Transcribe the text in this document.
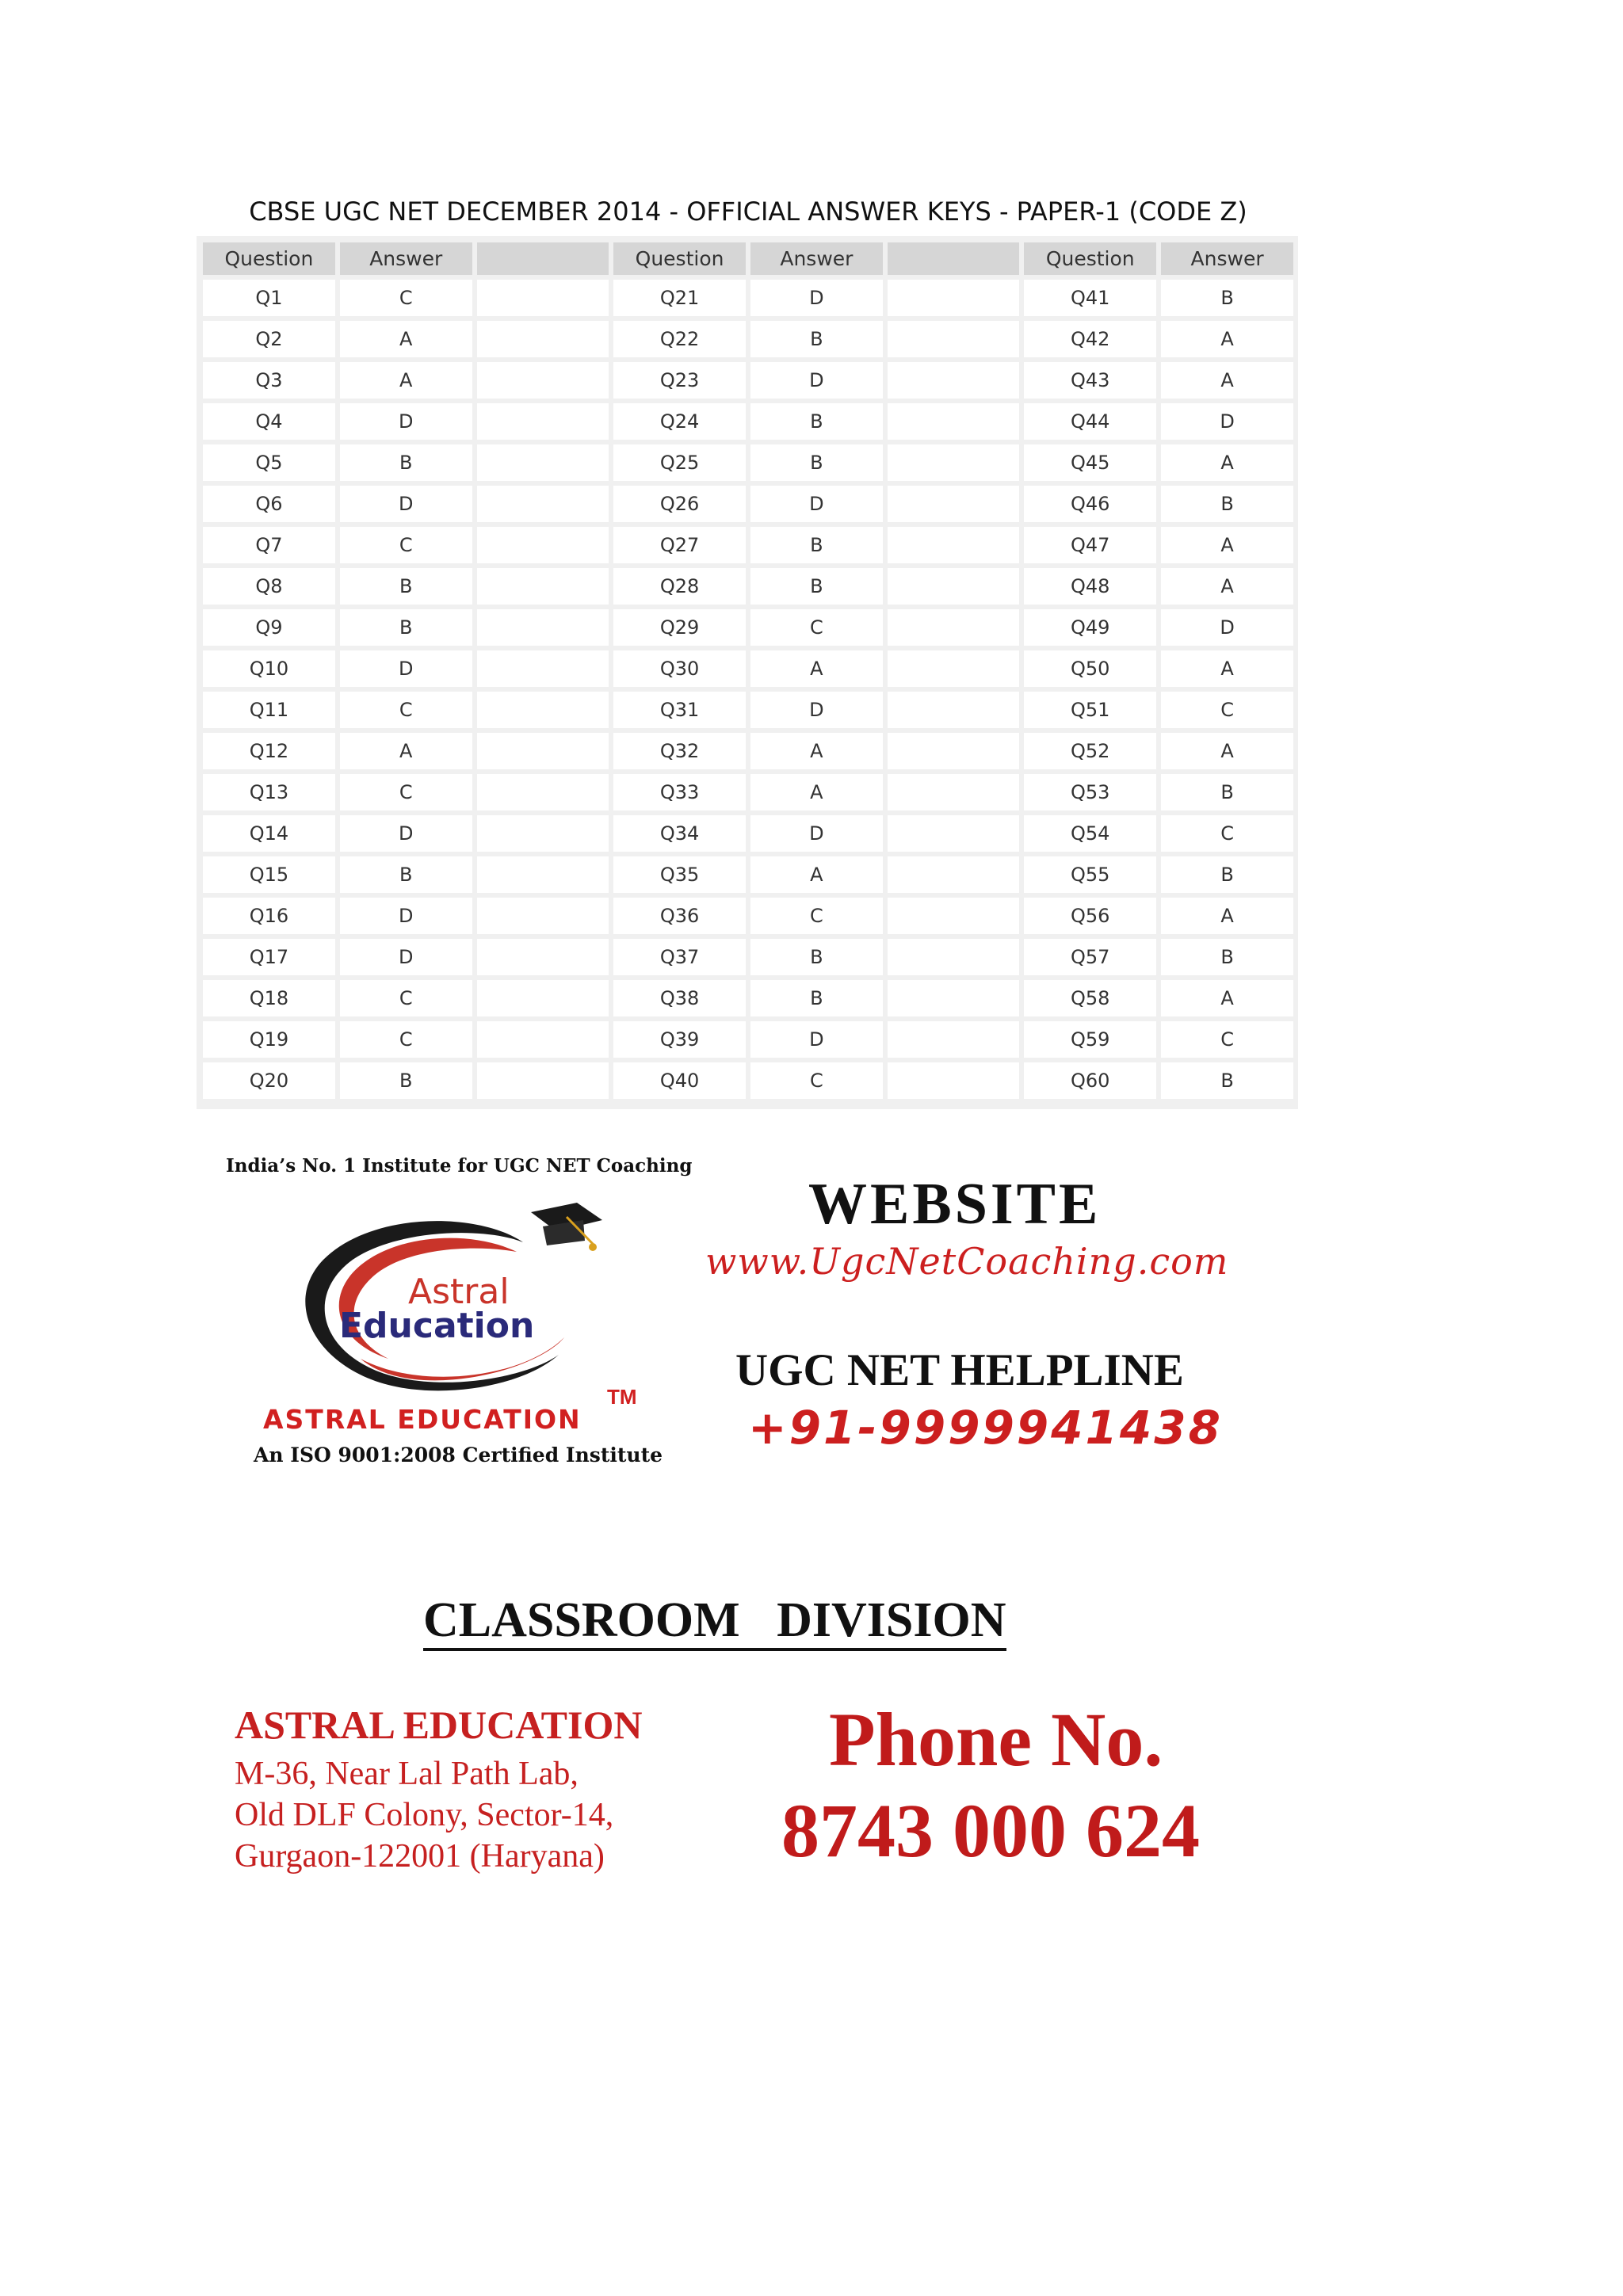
CBSE UGC NET DECEMBER 2014 - OFFICIAL ANSWER KEYS - PAPER-1 (CODE Z)
Question	Answer		Question	Answer		Question	Answer
Q1	C		Q21	D		Q41	B
Q2	A		Q22	B		Q42	A
Q3	A		Q23	D		Q43	A
Q4	D		Q24	B		Q44	D
Q5	B		Q25	B		Q45	A
Q6	D		Q26	D		Q46	B
Q7	C		Q27	B		Q47	A
Q8	B		Q28	B		Q48	A
Q9	B		Q29	C		Q49	D
Q10	D		Q30	A		Q50	A
Q11	C		Q31	D		Q51	C
Q12	A		Q32	A		Q52	A
Q13	C		Q33	A		Q53	B
Q14	D		Q34	D		Q54	C
Q15	B		Q35	A		Q55	B
Q16	D		Q36	C		Q56	A
Q17	D		Q37	B		Q57	B
Q18	C		Q38	B		Q58	A
Q19	C		Q39	D		Q59	C
Q20	B		Q40	C		Q60	B
India’s No. 1 Institute for UGC NET Coaching
Astral
Education
TM
ASTRAL EDUCATION
An ISO 9001:2008 Certified Institute
WEBSITE
www.UgcNetCoaching.com
UGC NET HELPLINE
+91-9999941438
CLASSROOM   DIVISION
ASTRAL EDUCATION
M-36, Near Lal Path Lab,
Old DLF Colony, Sector-14,
Gurgaon-122001 (Haryana)
Phone No.
8743 000 624
